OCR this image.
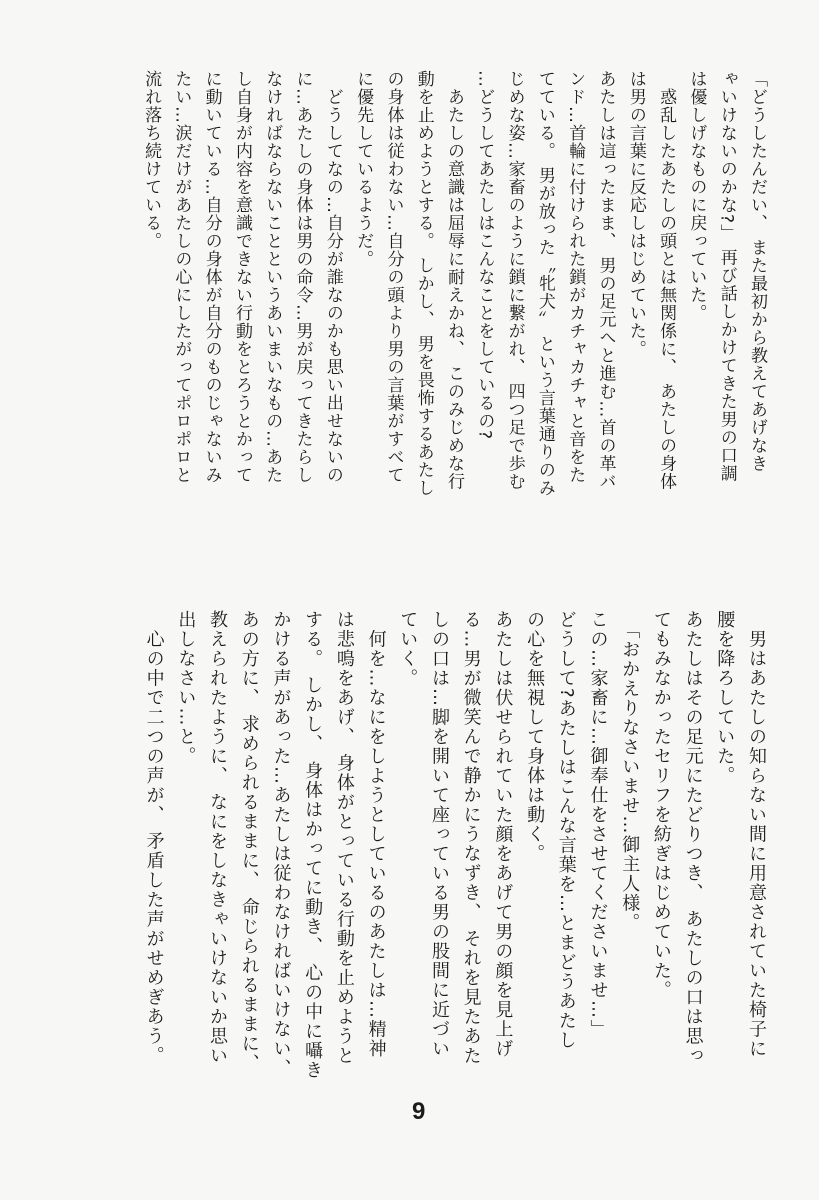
「どうしたんだい、 また最初から教えてあげなき
ゃいけないのかな?」 再び話しかけてきた男の口調
は優しげなものに戻っていた。
　惑乱したあたしの頭とは無関係に、 あたしの身体
は男の言葉に反応しはじめていた。
あたしは這ったまま、 男の足元へと進む…首の革バ
ンド…首輪に付けられた鎖がカチャカチャと音をた
てている。 男が放った〝牝犬〟 という言葉通りのみ
じめな姿…家畜のように鎖に繋がれ、 四つ足で歩む
…どうしてあたしはこんなことをしているの?
　あたしの意識は屈辱に耐えかね、 このみじめな行
動を止めようとする。 しかし、 男を畏怖するあたし
の身体は従わない…自分の頭より男の言葉がすべて
に優先しているようだ。
　どうしてなの…自分が誰なのかも思い出せないの
に…あたしの身体は男の命令…男が戻ってきたらし
なければならないことというあいまいなもの…あた
し自身が内容を意識できない行動をとろうとかって
に動いている…自分の身体が自分のものじゃないみ
たい…涙だけがあたしの心にしたがってポロポロと
流れ落ち続けている。
　男はあたしの知らない間に用意されていた椅子に
腰を降ろしていた。
あたしはその足元にたどりつき、 あたしの口は思っ
てもみなかったセリフを紡ぎはじめていた。
　「おかえりなさいませ…御主人様。
この…家畜に…御奉仕をさせてくださいませ…」
どうして?あたしはこんな言葉を…とまどうあたし
の心を無視して身体は動く。
あたしは伏せられていた顔をあげて男の顔を見上げ
る…男が微笑んで静かにうなずき、 それを見たあた
しの口は…脚を開いて座っている男の股間に近づい
ていく。
　何を…なにをしようとしているのあたしは…精神
は悲鳴をあげ、 身体がとっている行動を止めようと
する。 しかし、 身体はかってに動き、 心の中に囁き
かける声があった…あたしは従わなければいけない、
あの方に、 求められるままに、 命じられるままに、
教えられたように、 なにをしなきゃいけないか思い
出しなさい…と。
　心の中で二つの声が、 矛盾した声がせめぎあう。
9
